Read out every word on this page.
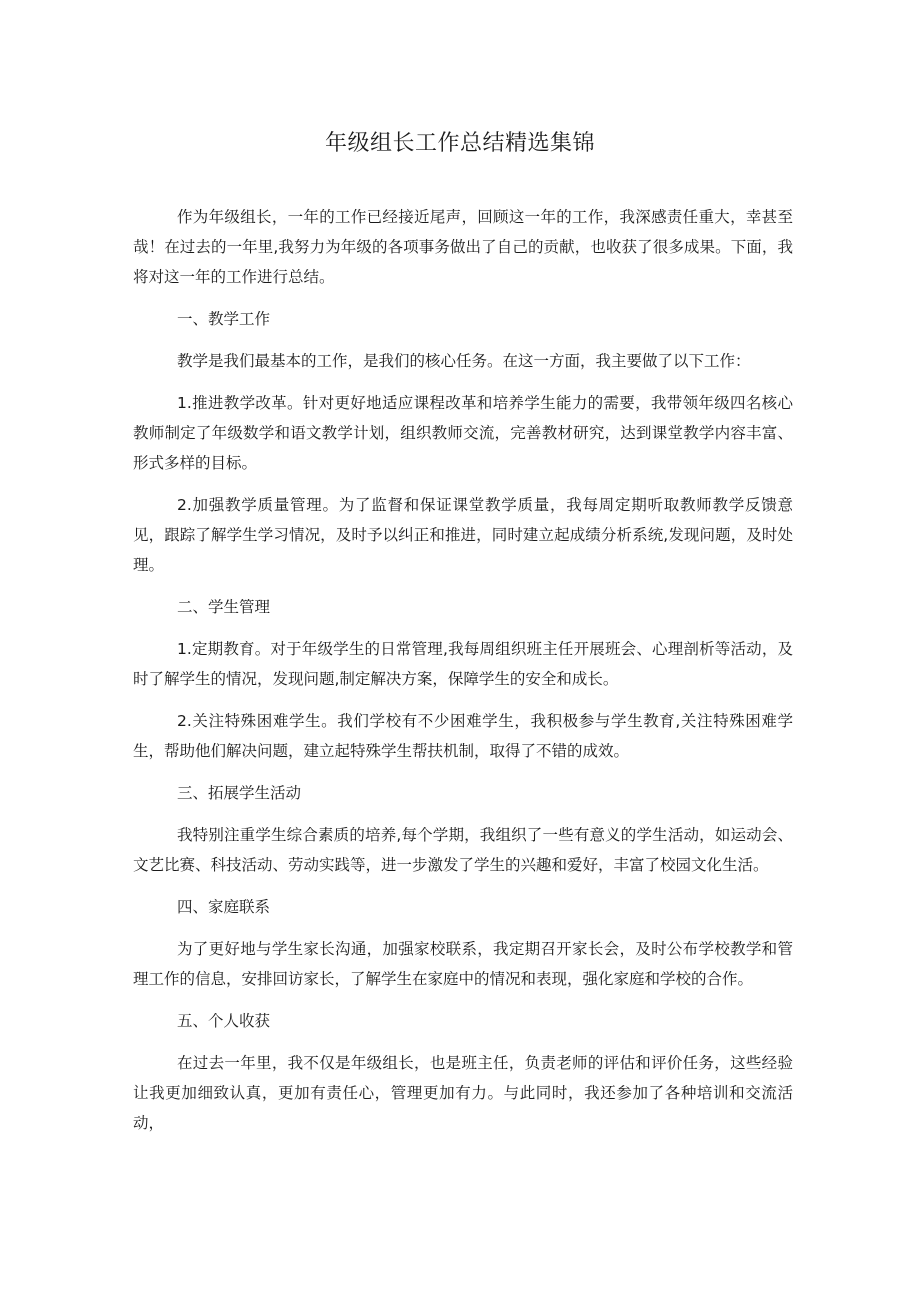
年级组长工作总结精选集锦

作为年级组长，一年的工作已经接近尾声，回顾这一年的工作，我深感责任重大，幸甚至哉！在过去的一年里,我努力为年级的各项事务做出了自己的贡献，也收获了很多成果。下面，我将对这一年的工作进行总结。

一、教学工作

教学是我们最基本的工作，是我们的核心任务。在这一方面，我主要做了以下工作：

1.推进教学改革。针对更好地适应课程改革和培养学生能力的需要，我带领年级四名核心教师制定了年级数学和语文教学计划，组织教师交流，完善教材研究，达到课堂教学内容丰富、形式多样的目标。

2.加强教学质量管理。为了监督和保证课堂教学质量，我每周定期听取教师教学反馈意见，跟踪了解学生学习情况，及时予以纠正和推进，同时建立起成绩分析系统,发现问题，及时处理。

二、学生管理

1.定期教育。对于年级学生的日常管理,我每周组织班主任开展班会、心理剖析等活动，及时了解学生的情况，发现问题,制定解决方案，保障学生的安全和成长。

2.关注特殊困难学生。我们学校有不少困难学生，我积极参与学生教育,关注特殊困难学生，帮助他们解决问题，建立起特殊学生帮扶机制，取得了不错的成效。

三、拓展学生活动

我特别注重学生综合素质的培养,每个学期，我组织了一些有意义的学生活动，如运动会、文艺比赛、科技活动、劳动实践等，进一步激发了学生的兴趣和爱好，丰富了校园文化生活。

四、家庭联系

为了更好地与学生家长沟通，加强家校联系，我定期召开家长会，及时公布学校教学和管理工作的信息，安排回访家长，了解学生在家庭中的情况和表现，强化家庭和学校的合作。

五、个人收获

在过去一年里，我不仅是年级组长，也是班主任，负责老师的评估和评价任务，这些经验让我更加细致认真，更加有责任心，管理更加有力。与此同时，我还参加了各种培训和交流活动，
